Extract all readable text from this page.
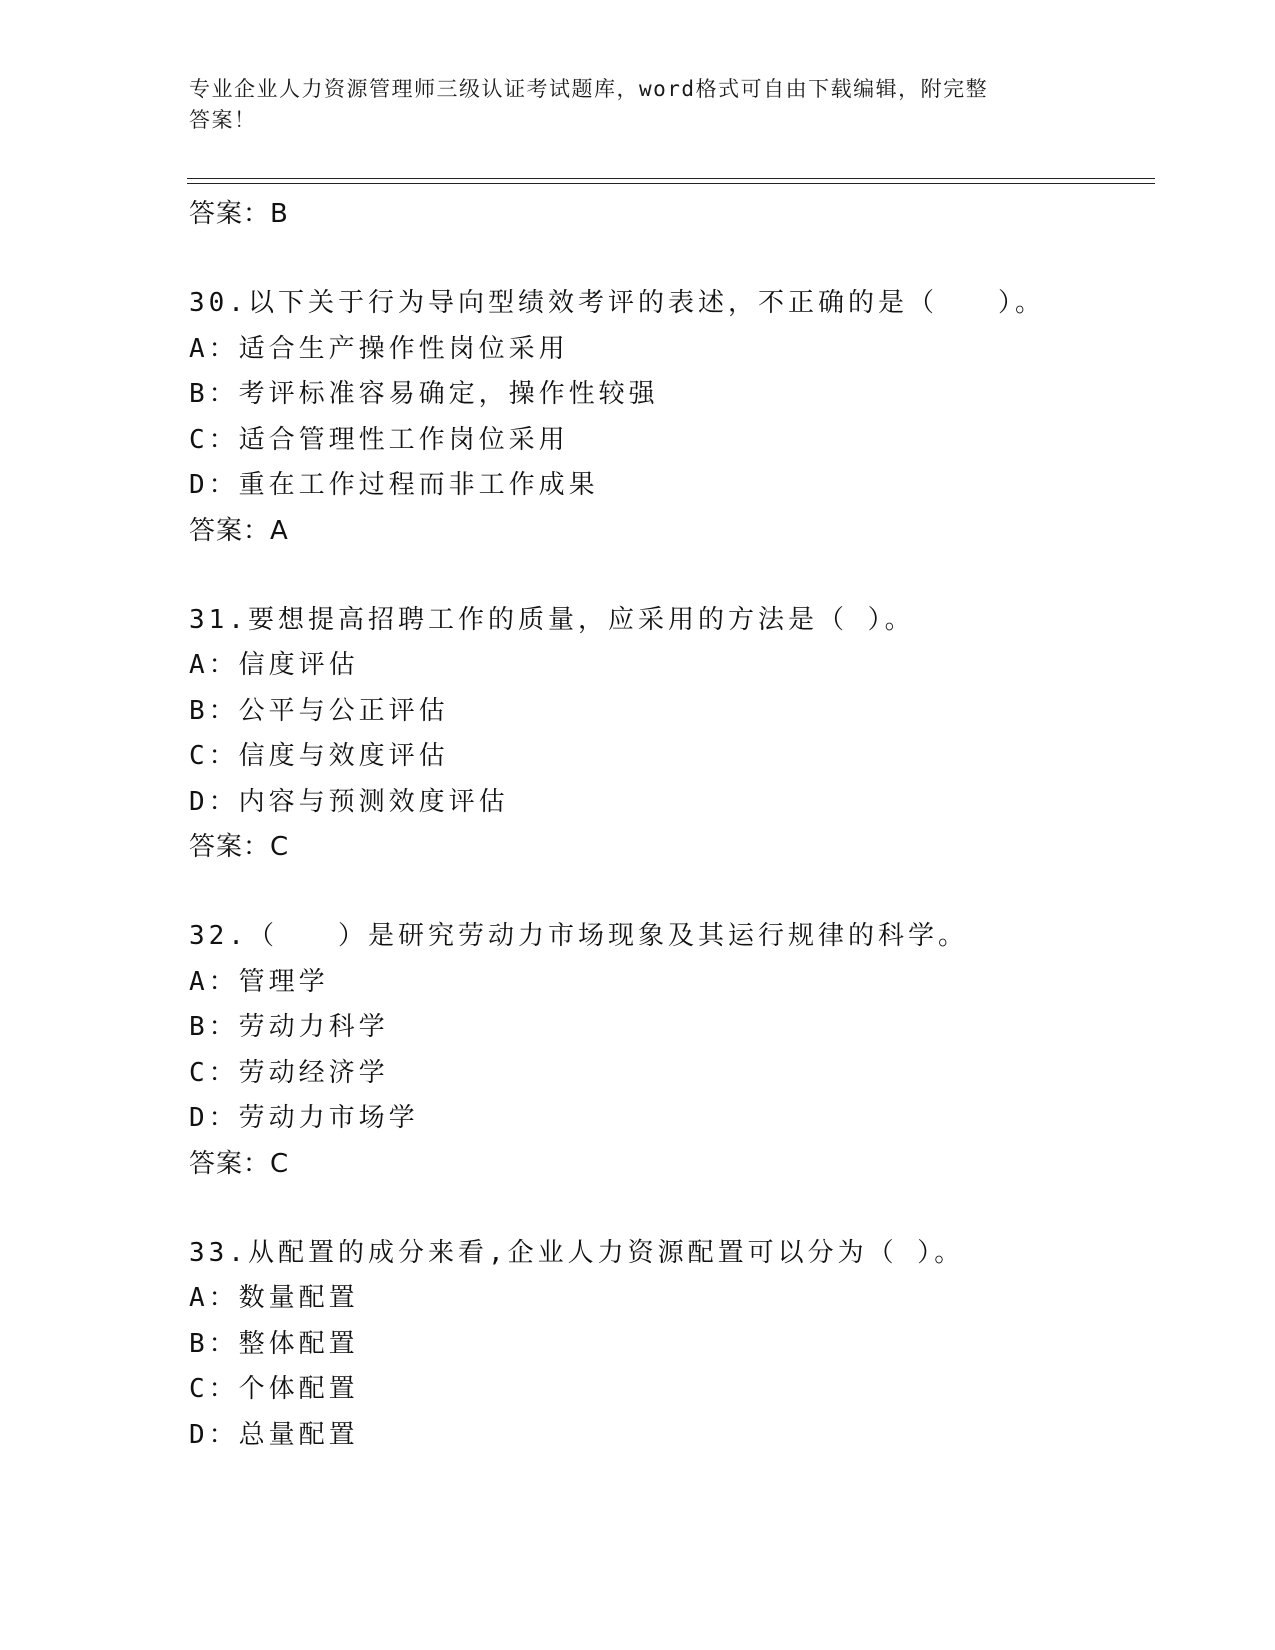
专业企业人力资源管理师三级认证考试题库，word格式可自由下载编辑，附完整
答案！
答案：B
30.以下关于行为导向型绩效考评的表述，不正确的是（　　）。
A：适合生产操作性岗位采用
B：考评标准容易确定，操作性较强
C：适合管理性工作岗位采用
D：重在工作过程而非工作成果
答案：A
31.要想提高招聘工作的质量，应采用的方法是（ ）。
A：信度评估
B：公平与公正评估
C：信度与效度评估
D：内容与预测效度评估
答案：C
32.（　　）是研究劳动力市场现象及其运行规律的科学。
A：管理学
B：劳动力科学
C：劳动经济学
D：劳动力市场学
答案：C
33.从配置的成分来看,企业人力资源配置可以分为（ ）。
A：数量配置
B：整体配置
C：个体配置
D：总量配置
